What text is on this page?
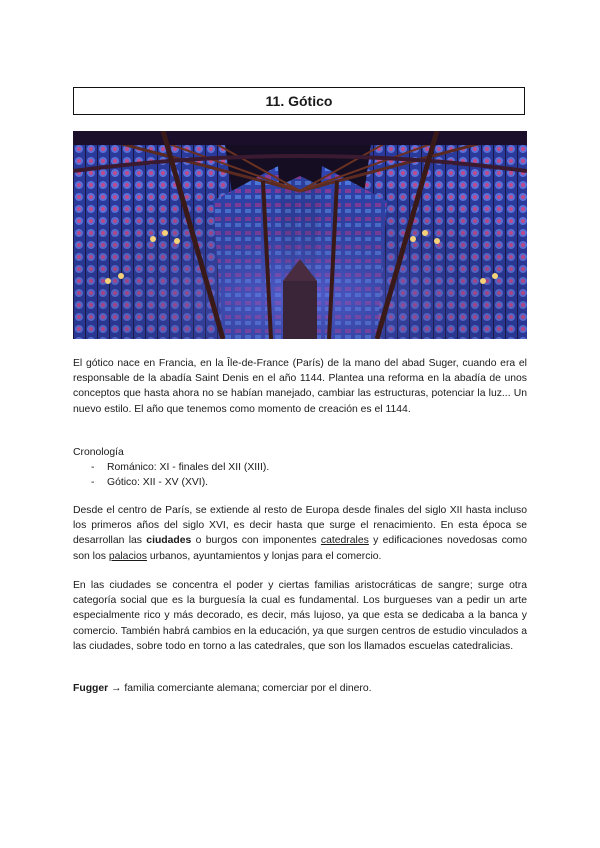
11. Gótico
El gótico nace en Francia, en la Île-de-France (París) de la mano del abad Suger, cuando era el responsable de la abadía Saint Denis en el año 1144. Plantea una reforma en la abadía de unos conceptos que hasta ahora no se habían manejado, cambiar las estructuras, potenciar la luz... Un nuevo estilo. El año que tenemos como momento de creación es el 1144.
Cronología
- Románico: XI - finales del XII (XIII).
- Gótico: XII - XV (XVI).
Desde el centro de París, se extiende al resto de Europa desde finales del siglo XII hasta incluso los primeros años del siglo XVI, es decir hasta que surge el renacimiento. En esta época se desarrollan las ciudades o burgos con imponentes catedrales y edificaciones novedosas como son los palacios urbanos, ayuntamientos y lonjas para el comercio.
En las ciudades se concentra el poder y ciertas familias aristocráticas de sangre; surge otra categoría social que es la burguesía la cual es fundamental. Los burgueses van a pedir un arte especialmente rico y más decorado, es decir, más lujoso, ya que esta se dedicaba a la banca y comercio. También habrá cambios en la educación, ya que surgen centros de estudio vinculados a las ciudades, sobre todo en torno a las catedrales, que son los llamados escuelas catedralicias.
Fugger → familia comerciante alemana; comerciar por el dinero.
